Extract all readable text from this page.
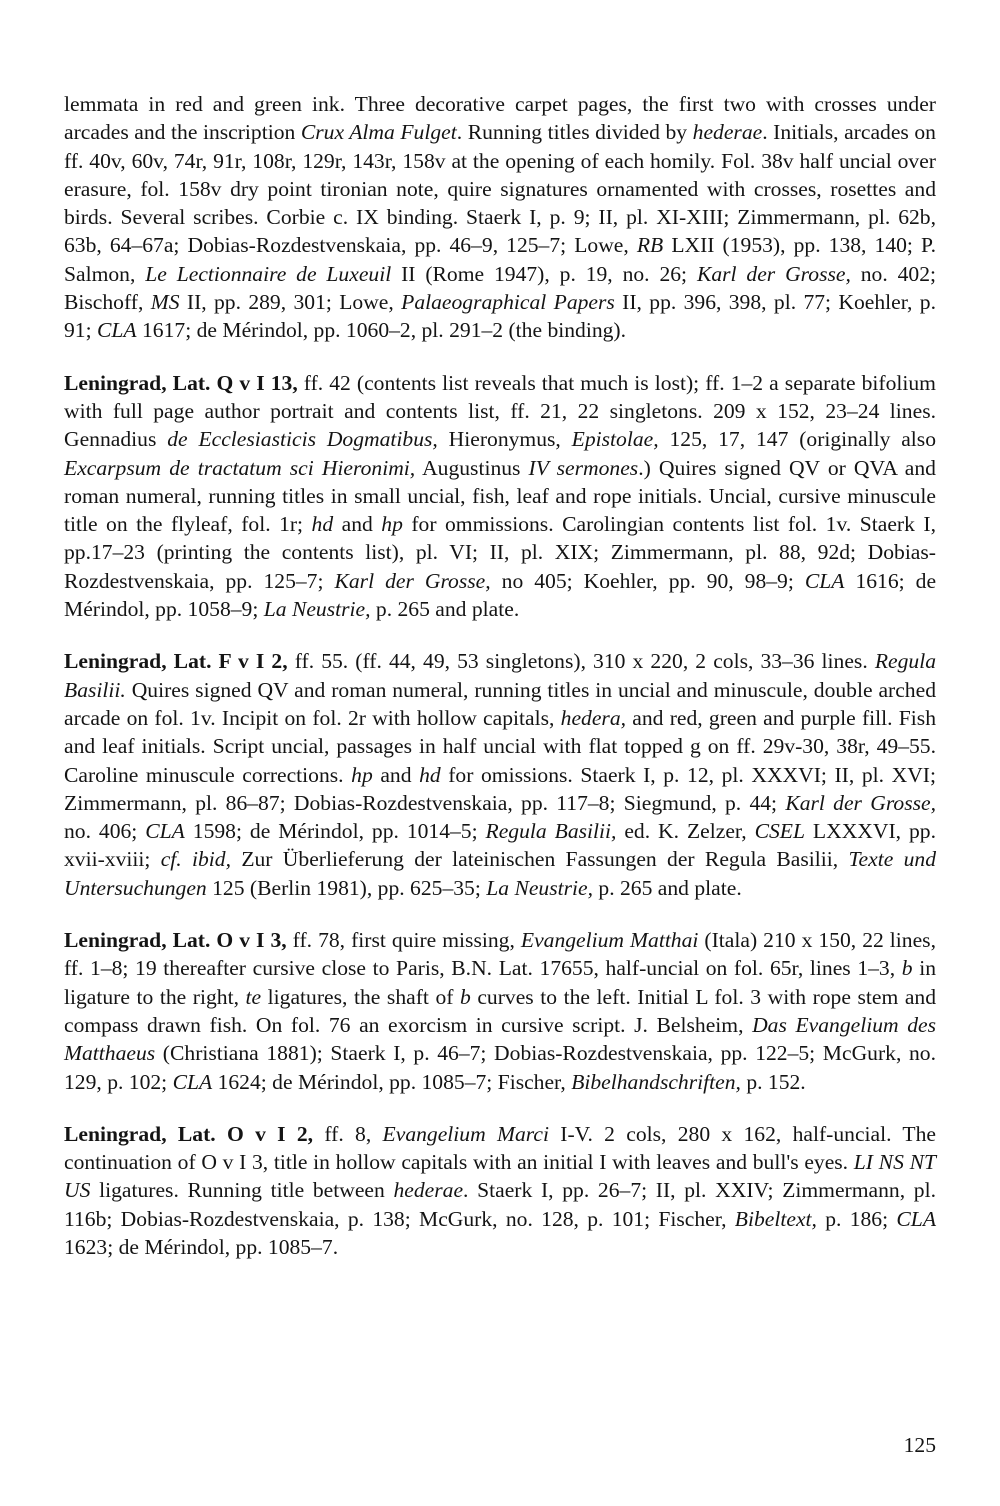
lemmata in red and green ink. Three decorative carpet pages, the first two with crosses under arcades and the inscription Crux Alma Fulget. Running titles divided by hederae. Initials, arcades on ff. 40v, 60v, 74r, 91r, 108r, 129r, 143r, 158v at the opening of each homily. Fol. 38v half uncial over erasure, fol. 158v dry point tironian note, quire signatures ornamented with crosses, rosettes and birds. Several scribes. Corbie c. IX binding. Staerk I, p. 9; II, pl. XI-XIII; Zimmermann, pl. 62b, 63b, 64–67a; Dobias-Rozdestvenskaia, pp. 46–9, 125–7; Lowe, RB LXII (1953), pp. 138, 140; P. Salmon, Le Lectionnaire de Luxeuil II (Rome 1947), p. 19, no. 26; Karl der Grosse, no. 402; Bischoff, MS II, pp. 289, 301; Lowe, Palaeographical Papers II, pp. 396, 398, pl. 77; Koehler, p. 91; CLA 1617; de Mérindol, pp. 1060–2, pl. 291–2 (the binding).

Leningrad, Lat. Q v I 13, ff. 42 (contents list reveals that much is lost); ff. 1–2 a separate bifolium with full page author portrait and contents list, ff. 21, 22 singletons. 209 x 152, 23–24 lines. Gennadius de Ecclesiasticis Dogmatibus, Hieronymus, Epistolae, 125, 17, 147 (originally also Excarpsum de tractatum sci Hieronimi, Augustinus IV sermones.) Quires signed QV or QVA and roman numeral, running titles in small uncial, fish, leaf and rope initials. Uncial, cursive minuscule title on the flyleaf, fol. 1r; hd and hp for ommissions. Carolingian contents list fol. 1v. Staerk I, pp.17–23 (printing the contents list), pl. VI; II, pl. XIX; Zimmermann, pl. 88, 92d; Dobias-Rozdestvenskaia, pp. 125–7; Karl der Grosse, no 405; Koehler, pp. 90, 98–9; CLA 1616; de Mérindol, pp. 1058–9; La Neustrie, p. 265 and plate.

Leningrad, Lat. F v I 2, ff. 55. (ff. 44, 49, 53 singletons), 310 x 220, 2 cols, 33–36 lines. Regula Basilii. Quires signed QV and roman numeral, running titles in uncial and minuscule, double arched arcade on fol. 1v. Incipit on fol. 2r with hollow capitals, hedera, and red, green and purple fill. Fish and leaf initials. Script uncial, passages in half uncial with flat topped g on ff. 29v-30, 38r, 49–55. Caroline minuscule corrections. hp and hd for omissions. Staerk I, p. 12, pl. XXXVI; II, pl. XVI; Zimmermann, pl. 86–87; Dobias-Rozdestvenskaia, pp. 117–8; Siegmund, p. 44; Karl der Grosse, no. 406; CLA 1598; de Mérindol, pp. 1014–5; Regula Basilii, ed. K. Zelzer, CSEL LXXXVI, pp. xvii-xviii; cf. ibid, Zur Überlieferung der lateinischen Fassungen der Regula Basilii, Texte und Untersuchungen 125 (Berlin 1981), pp. 625–35; La Neustrie, p. 265 and plate.

Leningrad, Lat. O v I 3, ff. 78, first quire missing, Evangelium Matthai (Itala) 210 x 150, 22 lines, ff. 1–8; 19 thereafter cursive close to Paris, B.N. Lat. 17655, half-uncial on fol. 65r, lines 1–3, b in ligature to the right, te ligatures, the shaft of b curves to the left. Initial L fol. 3 with rope stem and compass drawn fish. On fol. 76 an exorcism in cursive script. J. Belsheim, Das Evangelium des Matthaeus (Christiana 1881); Staerk I, p. 46–7; Dobias-Rozdestvenskaia, pp. 122–5; McGurk, no. 129, p. 102; CLA 1624; de Mérindol, pp. 1085–7; Fischer, Bibelhandschriften, p. 152.

Leningrad, Lat. O v I 2, ff. 8, Evangelium Marci I-V. 2 cols, 280 x 162, half-uncial. The continuation of O v I 3, title in hollow capitals with an initial I with leaves and bull's eyes. LI NS NT US ligatures. Running title between hederae. Staerk I, pp. 26–7; II, pl. XXIV; Zimmermann, pl. 116b; Dobias-Rozdestvenskaia, p. 138; McGurk, no. 128, p. 101; Fischer, Bibeltext, p. 186; CLA 1623; de Mérindol, pp. 1085–7.

125
